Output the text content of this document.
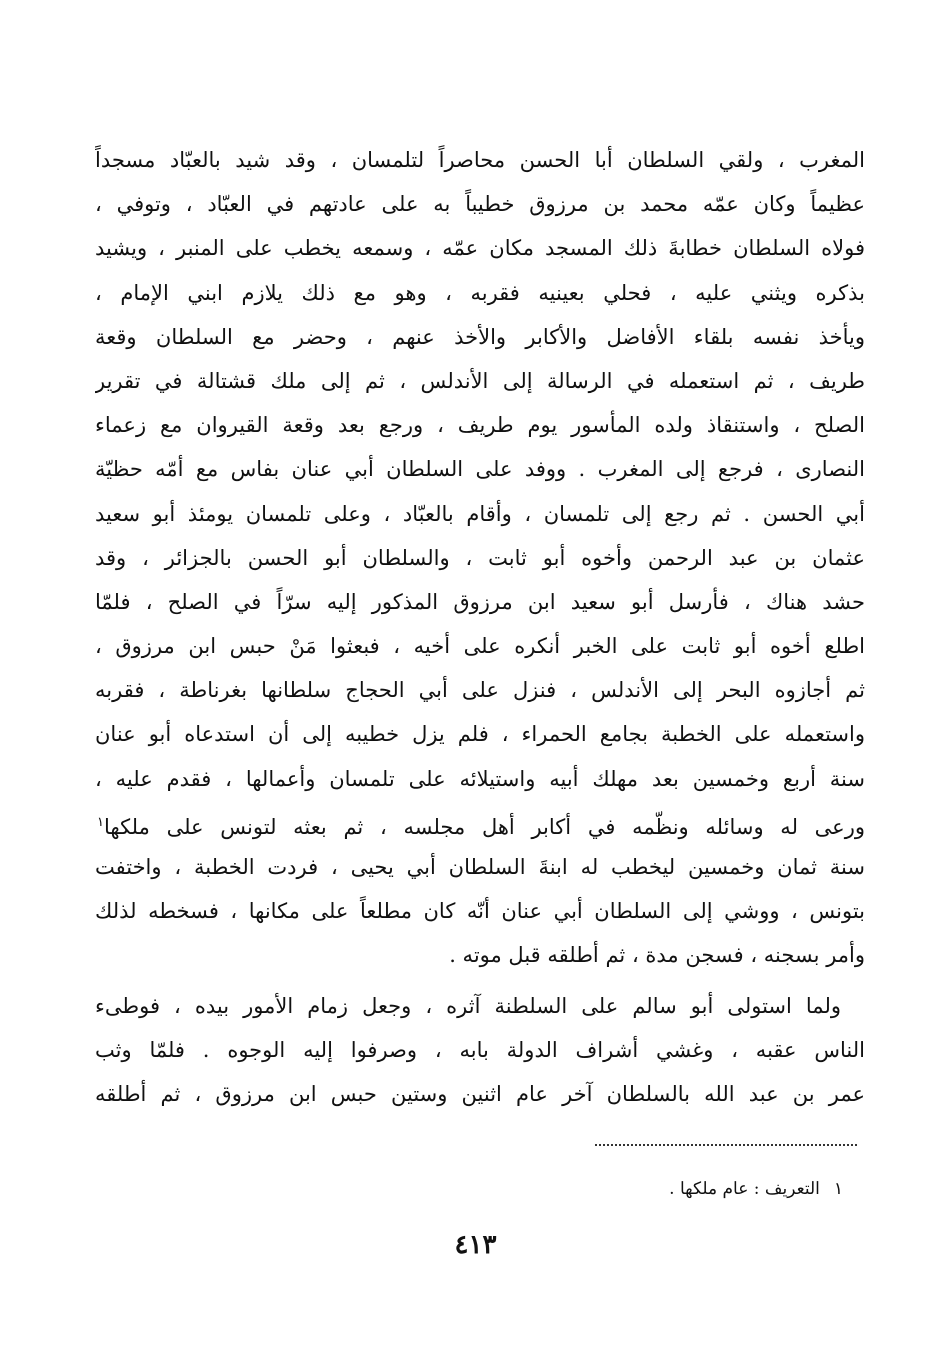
المغرب ، ولقي السلطان أبا الحسن محاصراً لتلمسان ، وقد شيد بالعبّاد مسجداً
عظيماً وكان عمّه محمد بن مرزوق خطيباً به على عادتهم في العبّاد ، وتوفي ،
فولاه السلطان خطابةَ ذلك المسجد مكان عمّه ، وسمعه يخطب على المنبر ، ويشيد
بذكره ويثني عليه ، فحلي بعينيه فقربه ، وهو مع ذلك يلازم ابني الإمام ،
ويأخذ نفسه بلقاء الأفاضل والأكابر والأخذ عنهم ، وحضر مع السلطان وقعة
طريف ، ثم استعمله في الرسالة إلى الأندلس ، ثم إلى ملك قشتالة في تقرير
الصلح ، واستنقاذ ولده المأسور يوم طريف ، ورجع بعد وقعة القيروان مع زعماء
النصارى ، فرجع إلى المغرب . ووفد على السلطان أبي عنان بفاس مع أمّه حظيّة
أبي الحسن . ثم رجع إلى تلمسان ، وأقام بالعبّاد ، وعلى تلمسان يومئذ أبو سعيد
عثمان بن عبد الرحمن وأخوه أبو ثابت ، والسلطان أبو الحسن بالجزائر ، وقد
حشد هناك ، فأرسل أبو سعيد ابن مرزوق المذكور إليه سرّاً في الصلح ، فلمّا
اطلع أخوه أبو ثابت على الخبر أنكره على أخيه ، فبعثوا مَنْ حبس ابن مرزوق ،
ثم أجازوه البحر إلى الأندلس ، فنزل على أبي الحجاج سلطانها بغرناطة ، فقربه
واستعمله على الخطبة بجامع الحمراء ، فلم يزل خطيبه إلى أن استدعاه أبو عنان
سنة أربع وخمسين بعد مهلك أبيه واستيلائه على تلمسان وأعمالها ، فقدم عليه ،
ورعى له وسائله ونظّمه في أكابر أهل مجلسه ، ثم بعثه لتونس على ملكها$^١$
سنة ثمان وخمسين ليخطب له ابنةَ السلطان أبي يحيى ، فردت الخطبة ، واختفت
بتونس ، ووشي إلى السلطان أبي عنان أنّه كان مطلعاً على مكانها ، فسخطه لذلك
وأمر بسجنه ، فسجن مدة ، ثم أطلقه قبل موته .
ولما استولى أبو سالم على السلطنة آثره ، وجعل زمام الأمور بيده ، فوطىء
الناس عقبه ، وغشي أشراف الدولة بابه ، وصرفوا إليه الوجوه . فلمّا وثب
عمر بن عبد الله بالسلطان آخر عام اثنين وستين حبس ابن مرزوق ، ثم أطلقه
١التعريف : عام ملكها .
٤١٣
